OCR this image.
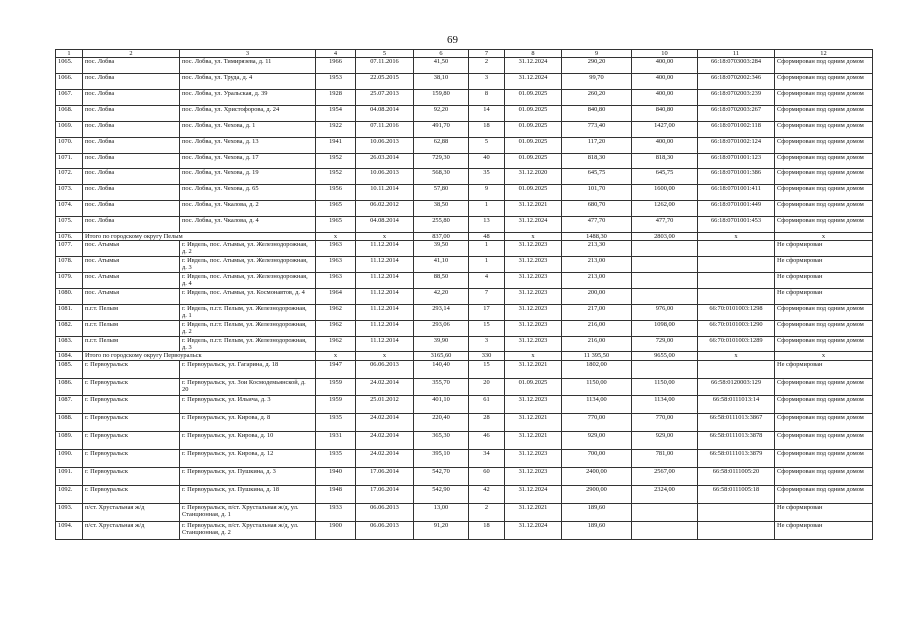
69
1	2	3	4	5	6	7	8	9	10	11	12
1065.	пос. Лобва	пос. Лобва, ул. Тимирязева, д. 11	1966	07.11.2016	41,50	2	31.12.2024	290,20	400,00	66:18:0703003:284	Сформирован под одним домом
1066.	пос. Лобва	пос. Лобва, ул. Труда, д. 4	1953	22.05.2015	38,10	3	31.12.2024	99,70	400,00	66:18:0702002:346	Сформирован под одним домом
1067.	пос. Лобва	пос. Лобва, ул. Уральская, д. 39	1928	25.07.2013	159,80	8	01.09.2025	260,20	400,00	66:18:0702003:239	Сформирован под одним домом
1068.	пос. Лобва	пос. Лобва, ул. Христофорова, д. 24	1954	04.08.2014	92,20	14	01.09.2025	840,80	840,80	66:18:0702003:267	Сформирован под одним домом
1069.	пос. Лобва	пос. Лобва, ул. Чехова, д. 1	1922	07.11.2016	491,70	18	01.09.2025	773,40	1427,00	66:18:0701002:118	Сформирован под одним домом
1070.	пос. Лобва	пос. Лобва, ул. Чехова, д. 13	1941	10.06.2013	62,88	5	01.09.2025	117,20	400,00	66:18:0701002:124	Сформирован под одним домом
1071.	пос. Лобва	пос. Лобва, ул. Чехова, д. 17	1952	26.03.2014	729,30	40	01.09.2025	818,30	818,30	66:18:0701001:123	Сформирован под одним домом
1072.	пос. Лобва	пос. Лобва, ул. Чехова, д. 19	1952	10.06.2013	568,30	35	31.12.2020	645,75	645,75	66:18:0701001:386	Сформирован под одним домом
1073.	пос. Лобва	пос. Лобва, ул. Чехова, д. 65	1956	10.11.2014	57,80	9	01.09.2025	101,70	1600,00	66:18:0701001:411	Сформирован под одним домом
1074.	пос. Лобва	пос. Лобва, ул. Чкалова, д. 2	1965	06.02.2012	38,50	1	31.12.2021	680,70	1262,00	66:18:0701001:449	Сформирован под одним домом
1075.	пос. Лобва	пос. Лобва, ул. Чкалова, д. 4	1965	04.08.2014	255,80	13	31.12.2024	477,70	477,70	66:18:0701001:453	Сформирован под одним домом
1076.	Итого по городскому округу Пелым		x	x	837,00	48	x	1488,30	2803,00	x	x
1077.	пос. Атымья	г. Ивдель, пос. Атымья, ул. Железнодорожная, д. 2	1963	11.12.2014	39,50	1	31.12.2023	213,30			Не сформирован
1078.	пос. Атымья	г. Ивдель, пос. Атымья, ул. Железнодорожная, д. 3	1963	11.12.2014	41,10	1	31.12.2023	213,00			Не сформирован
1079.	пос. Атымья	г. Ивдель, пос. Атымья, ул. Железнодорожная, д. 4	1963	11.12.2014	88,50	4	31.12.2023	213,00			Не сформирован
1080.	пос. Атымья	г. Ивдель, пос. Атымья, ул. Космонавтов, д. 4	1964	11.12.2014	42,20	7	31.12.2023	200,00			Не сформирован
1081.	п.г.т. Пелым	г. Ивдель, п.г.т. Пелым, ул. Железнодорожная, д. 1	1962	11.12.2014	293,14	17	31.12.2023	217,00	976,00	66:70:0101003:1298	Сформирован под одним домом
1082.	п.г.т. Пелым	г. Ивдель, п.г.т. Пелым, ул. Железнодорожная, д. 2	1962	11.12.2014	293,06	15	31.12.2023	216,00	1098,00	66:70:0101003:1290	Сформирован под одним домом
1083.	п.г.т. Пелым	г. Ивдель, п.г.т. Пелым, ул. Железнодорожная, д. 3	1962	11.12.2014	39,90	3	31.12.2023	216,00	729,00	66:70:0101003:1289	Сформирован под одним домом
1084.	Итого по городскому округу Первоуральск		x	x	3165,60	330	x	11 395,50	9655,00	x	x
1085.	г. Первоуральск	г. Первоуральск, ул. Гагарина, д. 18	1947	06.06.2013	140,40	15	31.12.2021	1802,00			Не сформирован
1086.	г. Первоуральск	г. Первоуральск, ул. Зои Космодемьянской, д. 20	1959	24.02.2014	355,70	20	01.09.2025	1150,00	1150,00	66:58:0120003:129	Сформирован под одним домом
1087.	г. Первоуральск	г. Первоуральск, ул. Ильича, д. 3	1959	25.01.2012	401,10	61	31.12.2023	1134,00	1134,00	66:58:0111013:14	Сформирован под одним домом
1088.	г. Первоуральск	г. Первоуральск, ул. Кирова, д. 8	1935	24.02.2014	220,40	28	31.12.2021	770,00	770,00	66:58:0111013:3867	Сформирован под одним домом
1089.	г. Первоуральск	г. Первоуральск, ул. Кирова, д. 10	1931	24.02.2014	365,30	46	31.12.2021	929,00	929,00	66:58:0111013:3878	Сформирован под одним домом
1090.	г. Первоуральск	г. Первоуральск, ул. Кирова, д. 12	1935	24.02.2014	395,10	34	31.12.2023	700,00	781,00	66:58:0111013:3879	Сформирован под одним домом
1091.	г. Первоуральск	г. Первоуральск, ул. Пушкина, д. 3	1940	17.06.2014	542,70	60	31.12.2023	2400,00	2567,00	66:58:0111005:20	Сформирован под одним домом
1092.	г. Первоуральск	г. Первоуральск, ул. Пушкина, д. 18	1948	17.06.2014	542,90	42	31.12.2024	2900,00	2324,00	66:58:0111005:18	Сформирован под одним домом
1093.	п/ст. Хрустальная ж/д	г. Первоуральск, п/ст. Хрустальная ж/д, ул. Станционная, д. 1	1933	06.06.2013	13,00	2	31.12.2021	189,60			Не сформирован
1094.	п/ст. Хрустальная ж/д	г. Первоуральск, п/ст. Хрустальная ж/д, ул. Станционная, д. 2	1900	06.06.2013	91,20	18	31.12.2024	189,60			Не сформирован
